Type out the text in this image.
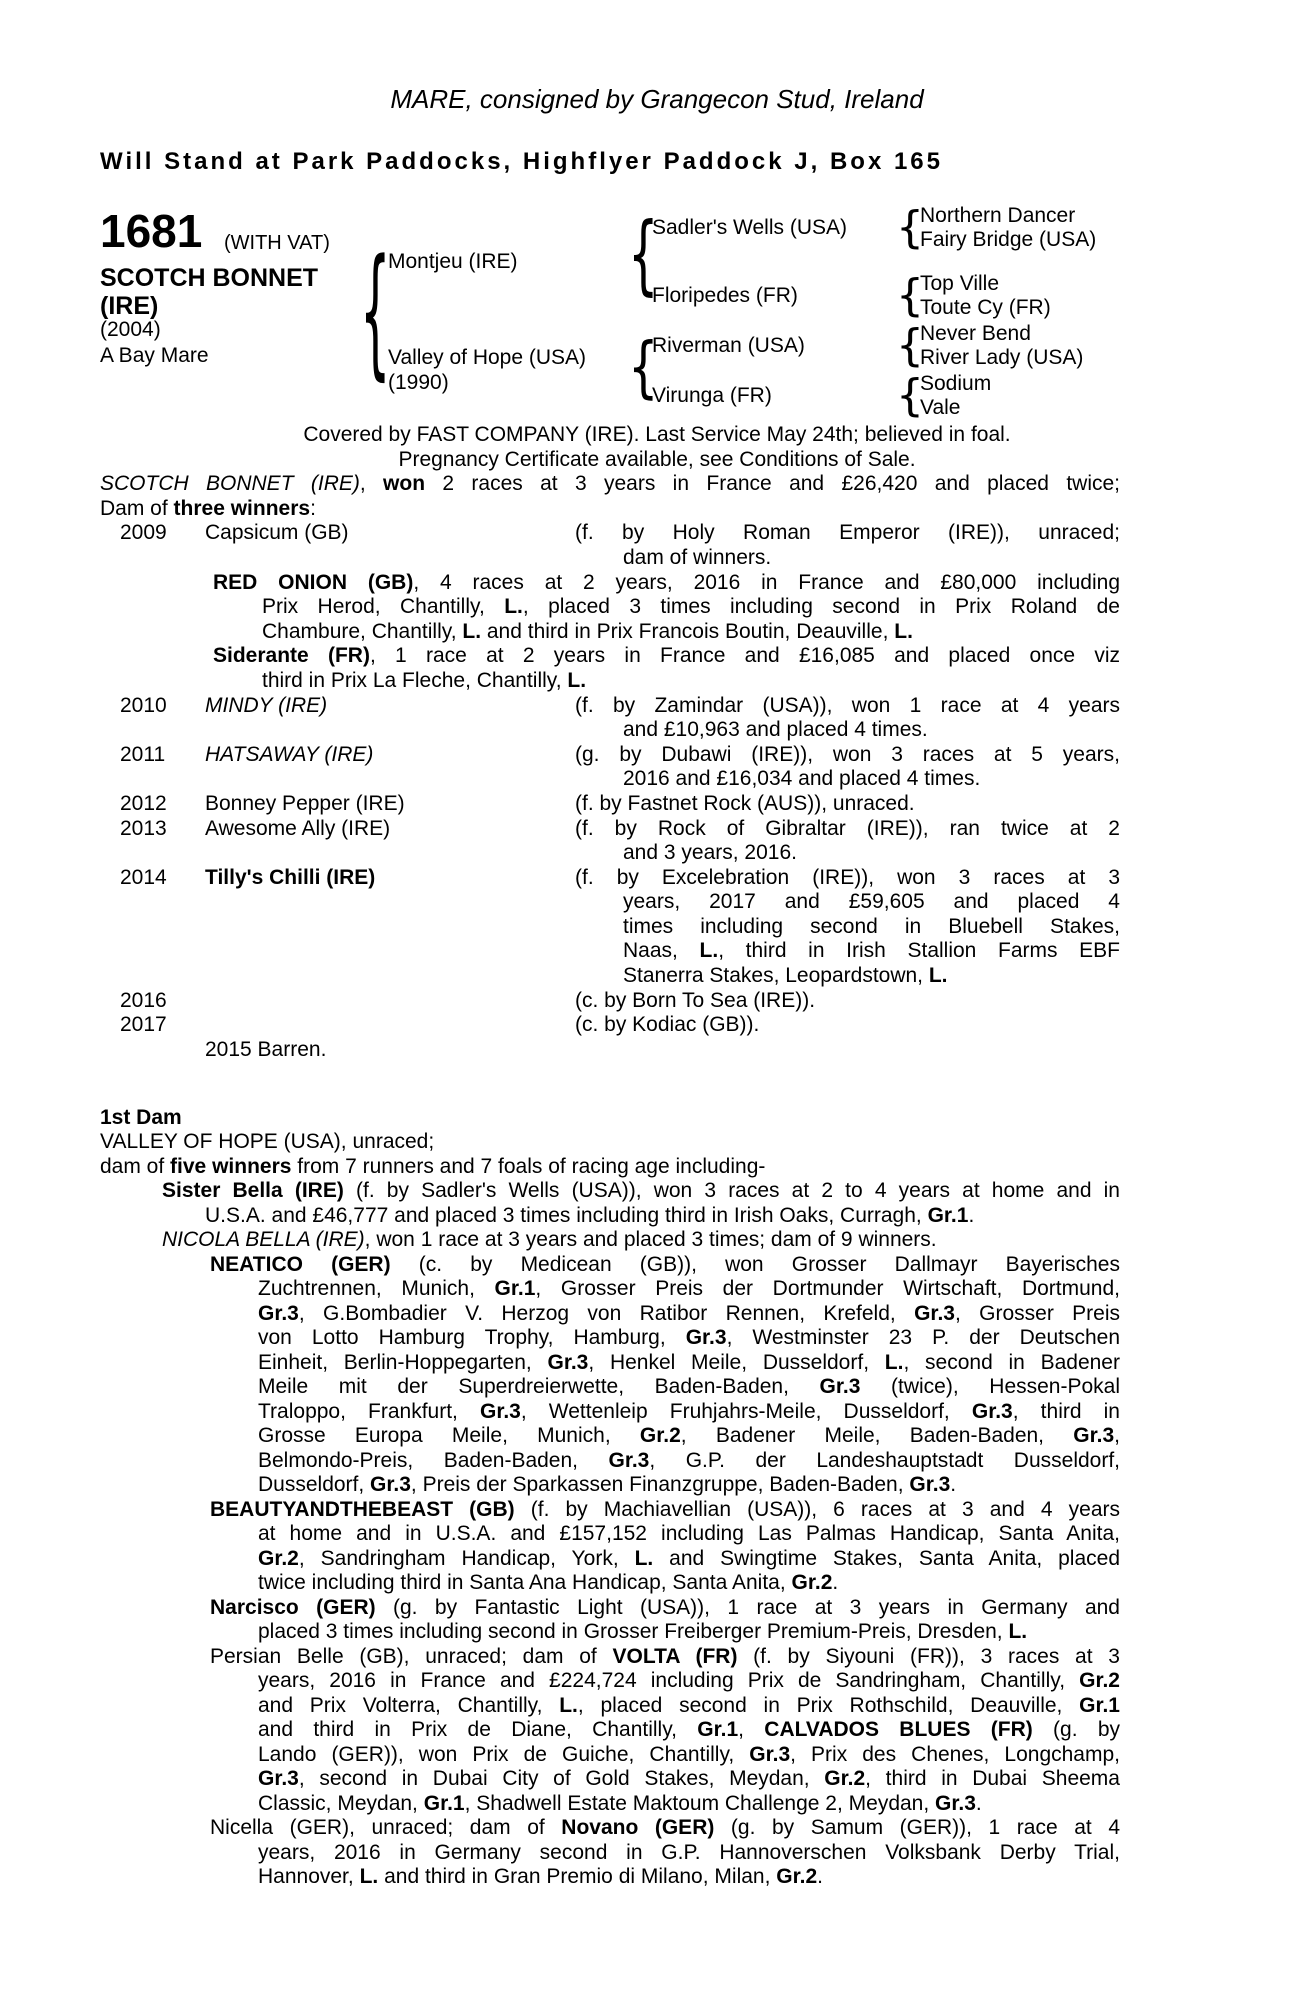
MARE, consigned by Grangecon Stud, Ireland
Will Stand at Park Paddocks, Highflyer Paddock J, Box 165
1681 (WITH VAT)
SCOTCH BONNET
(IRE)
(2004)
A Bay Mare
Montjeu (IRE)
Valley of Hope (USA)
(1990)
Sadler's Wells (USA)
Floripedes (FR)
Riverman (USA)
Virunga (FR)
Northern Dancer
Fairy Bridge (USA)
Top Ville
Toute Cy (FR)
Never Bend
River Lady (USA)
Sodium
Vale
{
{
{
{
{
{
{
Covered by FAST COMPANY (IRE). Last Service May 24th; believed in foal.
Pregnancy Certificate available, see Conditions of Sale.
SCOTCH BONNET (IRE), won 2 races at 3 years in France and £26,420 and placed twice;
Dam of three winners:
2009 Capsicum (GB)	(f. by Holy Roman Emperor (IRE)), unraced;
dam of winners.
RED ONION (GB), 4 races at 2 years, 2016 in France and £80,000 including
Prix Herod, Chantilly, L., placed 3 times including second in Prix Roland de
Chambure, Chantilly, L. and third in Prix Francois Boutin, Deauville, L.
Siderante (FR), 1 race at 2 years in France and £16,085 and placed once viz
third in Prix La Fleche, Chantilly, L.
2010 MINDY (IRE)	(f. by Zamindar (USA)), won 1 race at 4 years
and £10,963 and placed 4 times.
2011 HATSAWAY (IRE)	(g. by Dubawi (IRE)), won 3 races at 5 years,
2016 and £16,034 and placed 4 times.
2012 Bonney Pepper (IRE)	(f. by Fastnet Rock (AUS)), unraced.
2013 Awesome Ally (IRE)	(f. by Rock of Gibraltar (IRE)), ran twice at 2
and 3 years, 2016.
2014 Tilly's Chilli (IRE)	(f. by Excelebration (IRE)), won 3 races at 3
years, 2017 and £59,605 and placed 4
times including second in Bluebell Stakes,
Naas, L., third in Irish Stallion Farms EBF
Stanerra Stakes, Leopardstown, L.
2016	(c. by Born To Sea (IRE)).
2017	(c. by Kodiac (GB)).
2015 Barren.
1st Dam
VALLEY OF HOPE (USA), unraced;
dam of five winners from 7 runners and 7 foals of racing age including-
Sister Bella (IRE) (f. by Sadler's Wells (USA)), won 3 races at 2 to 4 years at home and in
U.S.A. and £46,777 and placed 3 times including third in Irish Oaks, Curragh, Gr.1.
NICOLA BELLA (IRE), won 1 race at 3 years and placed 3 times; dam of 9 winners.
NEATICO (GER) (c. by Medicean (GB)), won Grosser Dallmayr Bayerisches
Zuchtrennen, Munich, Gr.1, Grosser Preis der Dortmunder Wirtschaft, Dortmund,
Gr.3, G.Bombadier V. Herzog von Ratibor Rennen, Krefeld, Gr.3, Grosser Preis
von Lotto Hamburg Trophy, Hamburg, Gr.3, Westminster 23 P. der Deutschen
Einheit, Berlin-Hoppegarten, Gr.3, Henkel Meile, Dusseldorf, L., second in Badener
Meile mit der Superdreierwette, Baden-Baden, Gr.3 (twice), Hessen-Pokal
Traloppo, Frankfurt, Gr.3, Wettenleip Fruhjahrs-Meile, Dusseldorf, Gr.3, third in
Grosse Europa Meile, Munich, Gr.2, Badener Meile, Baden-Baden, Gr.3,
Belmondo-Preis, Baden-Baden, Gr.3, G.P. der Landeshauptstadt Dusseldorf,
Dusseldorf, Gr.3, Preis der Sparkassen Finanzgruppe, Baden-Baden, Gr.3.
BEAUTYANDTHEBEAST (GB) (f. by Machiavellian (USA)), 6 races at 3 and 4 years
at home and in U.S.A. and £157,152 including Las Palmas Handicap, Santa Anita,
Gr.2, Sandringham Handicap, York, L. and Swingtime Stakes, Santa Anita, placed
twice including third in Santa Ana Handicap, Santa Anita, Gr.2.
Narcisco (GER) (g. by Fantastic Light (USA)), 1 race at 3 years in Germany and
placed 3 times including second in Grosser Freiberger Premium-Preis, Dresden, L.
Persian Belle (GB), unraced; dam of VOLTA (FR) (f. by Siyouni (FR)), 3 races at 3
years, 2016 in France and £224,724 including Prix de Sandringham, Chantilly, Gr.2
and Prix Volterra, Chantilly, L., placed second in Prix Rothschild, Deauville, Gr.1
and third in Prix de Diane, Chantilly, Gr.1, CALVADOS BLUES (FR) (g. by
Lando (GER)), won Prix de Guiche, Chantilly, Gr.3, Prix des Chenes, Longchamp,
Gr.3, second in Dubai City of Gold Stakes, Meydan, Gr.2, third in Dubai Sheema
Classic, Meydan, Gr.1, Shadwell Estate Maktoum Challenge 2, Meydan, Gr.3.
Nicella (GER), unraced; dam of Novano (GER) (g. by Samum (GER)), 1 race at 4
years, 2016 in Germany second in G.P. Hannoverschen Volksbank Derby Trial,
Hannover, L. and third in Gran Premio di Milano, Milan, Gr.2.
